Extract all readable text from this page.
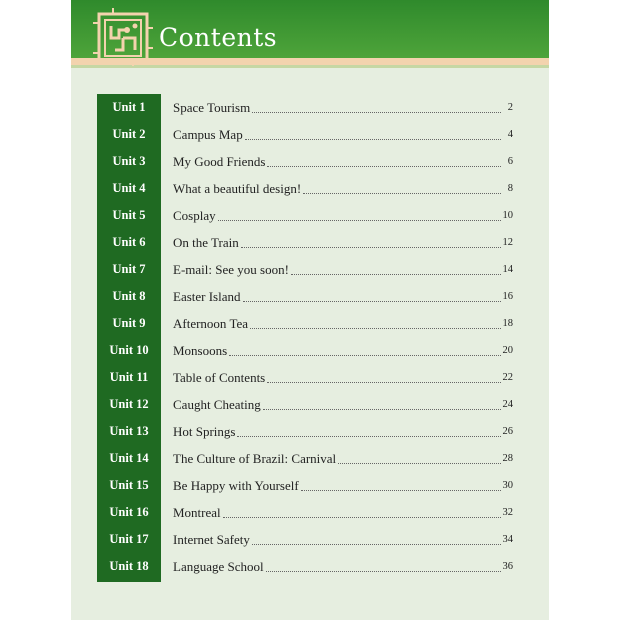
Contents
Unit 1	Space Tourism	2
Unit 2	Campus Map	4
Unit 3	My Good Friends	6
Unit 4	What a beautiful design!	8
Unit 5	Cosplay	10
Unit 6	On the Train	12
Unit 7	E-mail: See you soon!	14
Unit 8	Easter Island	16
Unit 9	Afternoon Tea	18
Unit 10	Monsoons	20
Unit 11	Table of Contents	22
Unit 12	Caught Cheating	24
Unit 13	Hot Springs	26
Unit 14	The Culture of Brazil: Carnival	28
Unit 15	Be Happy with Yourself	30
Unit 16	Montreal	32
Unit 17	Internet Safety	34
Unit 18	Language School	36
